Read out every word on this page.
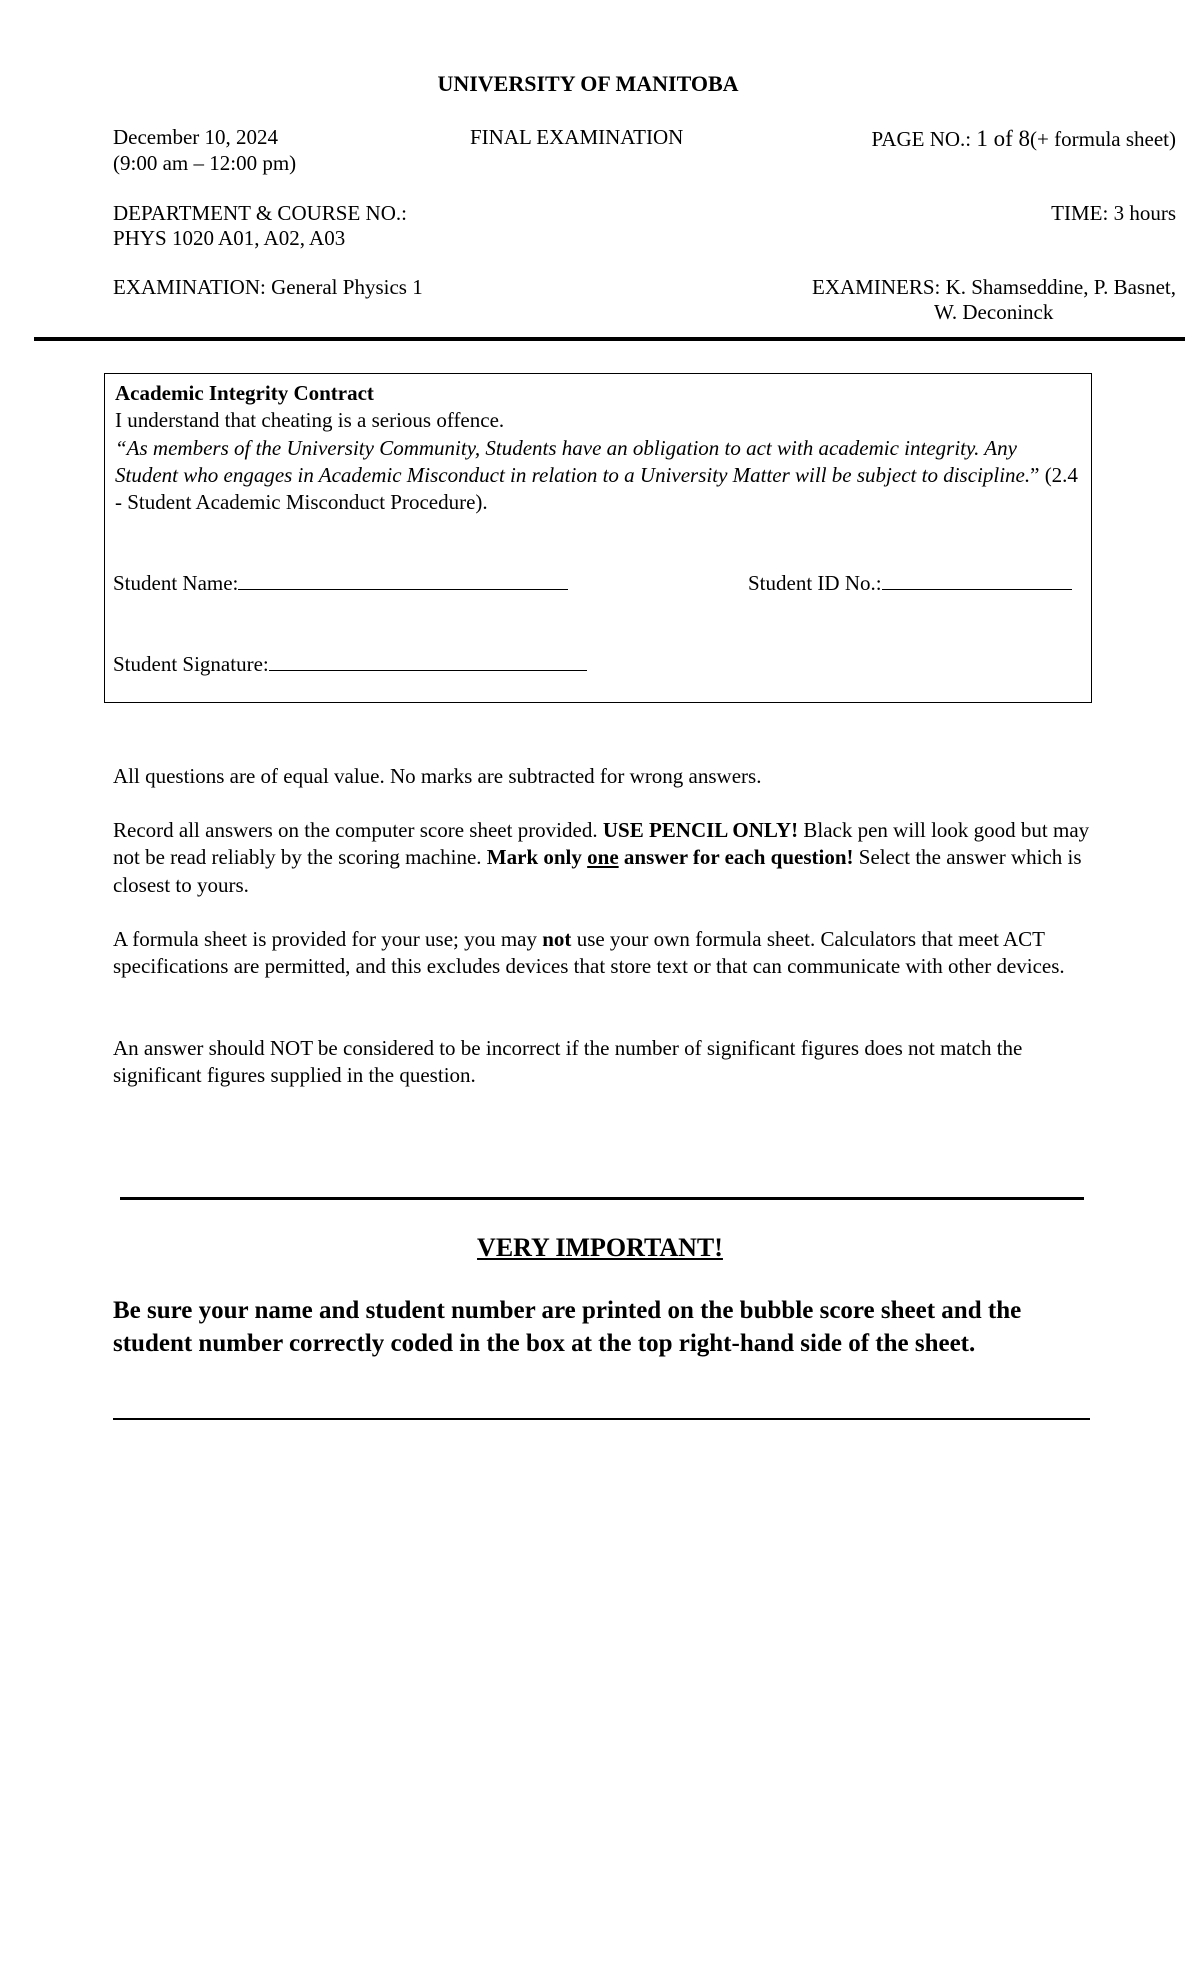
UNIVERSITY OF MANITOBA
December 10, 2024	FINAL EXAMINATION	PAGE NO.: 1 of 8(+ formula sheet)
(9:00 am – 12:00 pm)
DEPARTMENT & COURSE NO.:	TIME: 3 hours
PHYS 1020 A01, A02, A03
EXAMINATION: General Physics 1	EXAMINERS: K. Shamseddine, P. Basnet,
W. Deconinck

Academic Integrity Contract

I understand that cheating is a serious offence.

“As members of the University Community, Students have an obligation to act with academic integrity. Any Student who engages in Academic Misconduct in relation to a University Matter will be subject to discipline.” (2.4 - Student Academic Misconduct Procedure).

Student Name:	Student ID No.:
Student Signature:

All questions are of equal value. No marks are subtracted for wrong answers.

Record all answers on the computer score sheet provided. USE PENCIL ONLY! Black pen will look good but may not be read reliably by the scoring machine. Mark only one answer for each question! Select the answer which is closest to yours.

A formula sheet is provided for your use; you may not use your own formula sheet. Calculators that meet ACT specifications are permitted, and this excludes devices that store text or that can communicate with other devices.

An answer should NOT be considered to be incorrect if the number of significant figures does not match the significant figures supplied in the question.

VERY IMPORTANT!

Be sure your name and student number are printed on the bubble score sheet and the student number correctly coded in the box at the top right-hand side of the sheet.
